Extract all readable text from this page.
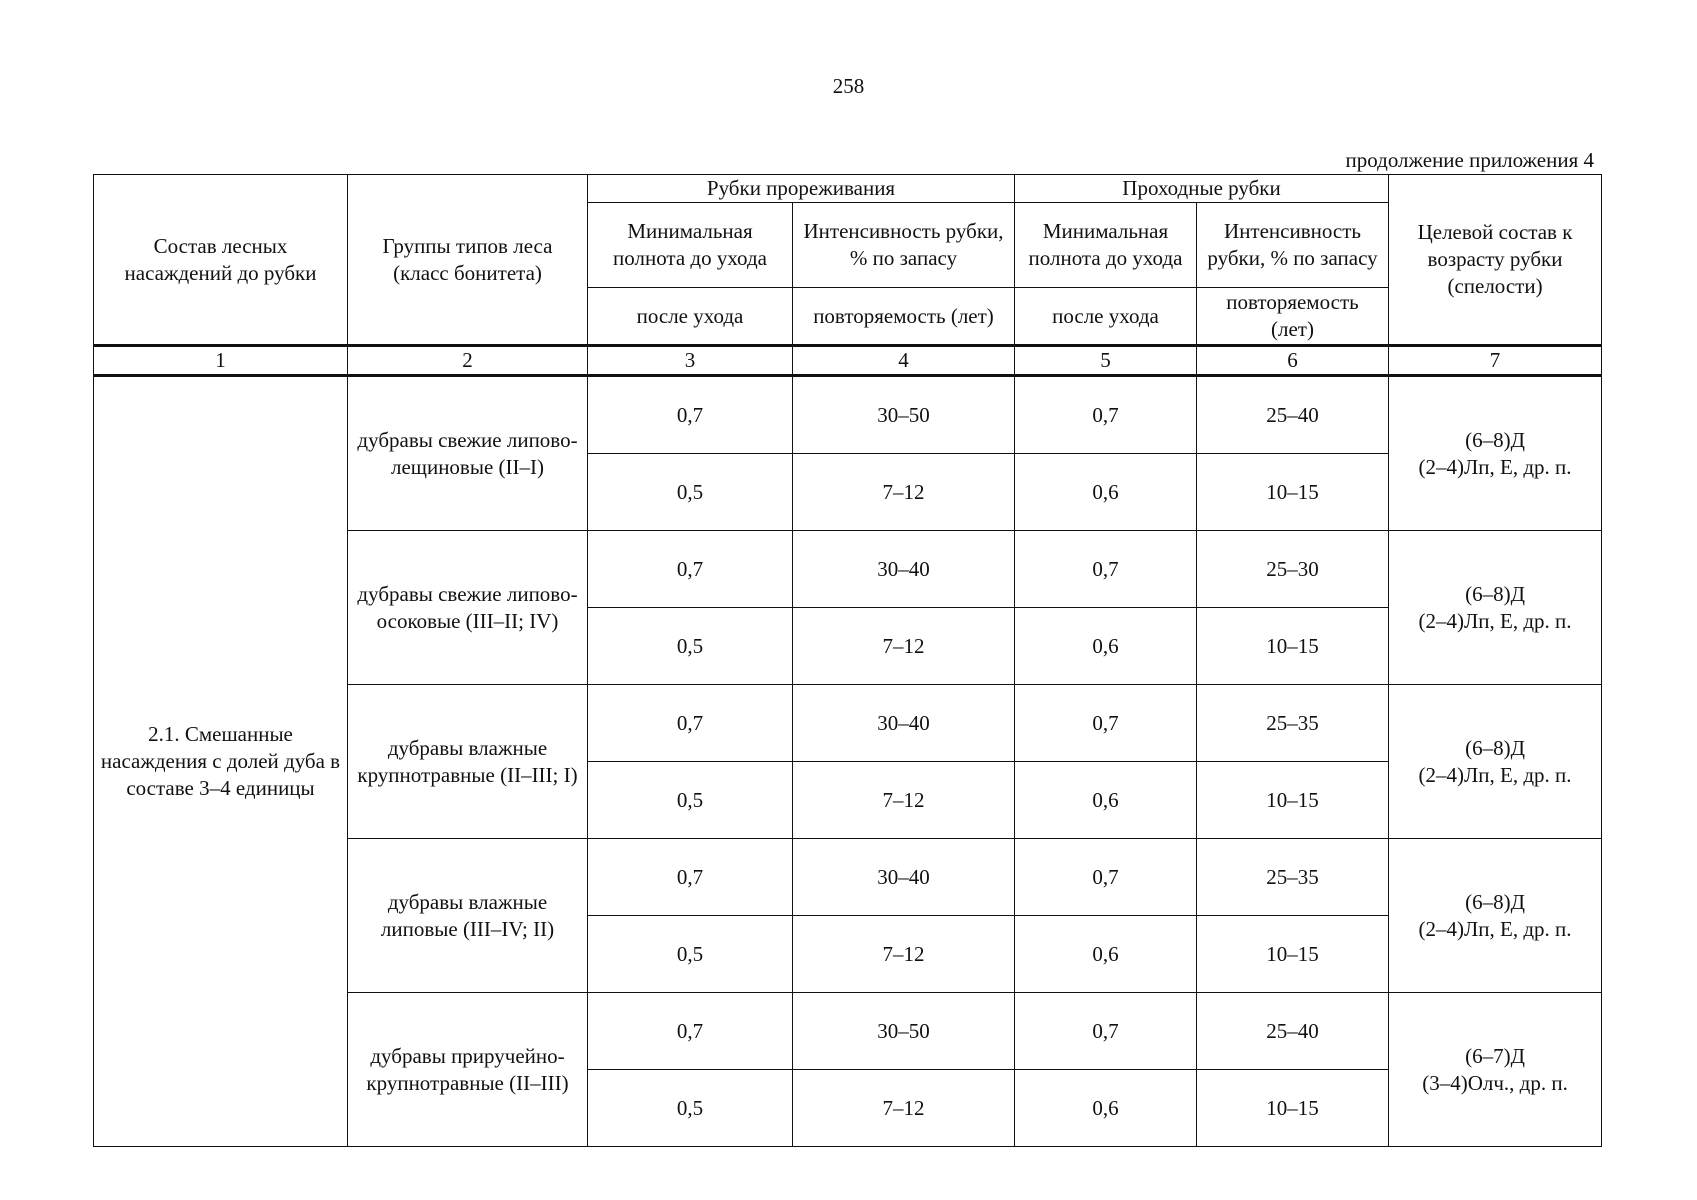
258
продолжение приложения 4
Состав лесных насаждений до рубки	Группы типов леса (класс бонитета)	Рубки прореживания		Проходные рубки		Целевой состав к возрасту рубки (спелости)
		Минимальная полнота до ухода	Интенсивность рубки, % по запасу	Минимальная полнота до ухода	Интенсивность рубки, % по запасу	
		после ухода	повторяемость (лет)	после ухода	повторяемость (лет)	
1	2	3	4	5	6	7
2.1. Смешанные насаждения с долей дуба в составе 3–4 единицы	дубравы свежие липово-лещиновые (II–I)	0,7	30–50	0,7	25–40	(6–8)Д
(2–4)Лп, Е, др. п.

		0,5	7–12	0,6	10–15	
	дубравы свежие липово-осоковые (III–II; IV)	0,7	30–40	0,7	25–30	(6–8)Д
(2–4)Лп, Е, др. п.

		0,5	7–12	0,6	10–15	
	дубравы влажные крупнотравные (II–III; I)	0,7	30–40	0,7	25–35	(6–8)Д
(2–4)Лп, Е, др. п.

		0,5	7–12	0,6	10–15	
	дубравы влажные липовые (III–IV; II)	0,7	30–40	0,7	25–35	(6–8)Д
(2–4)Лп, Е, др. п.

		0,5	7–12	0,6	10–15	
	дубравы приручейно-крупнотравные (II–III)	0,7	30–50	0,7	25–40	(6–7)Д
(3–4)Олч., др. п.

		0,5	7–12	0,6	10–15	
